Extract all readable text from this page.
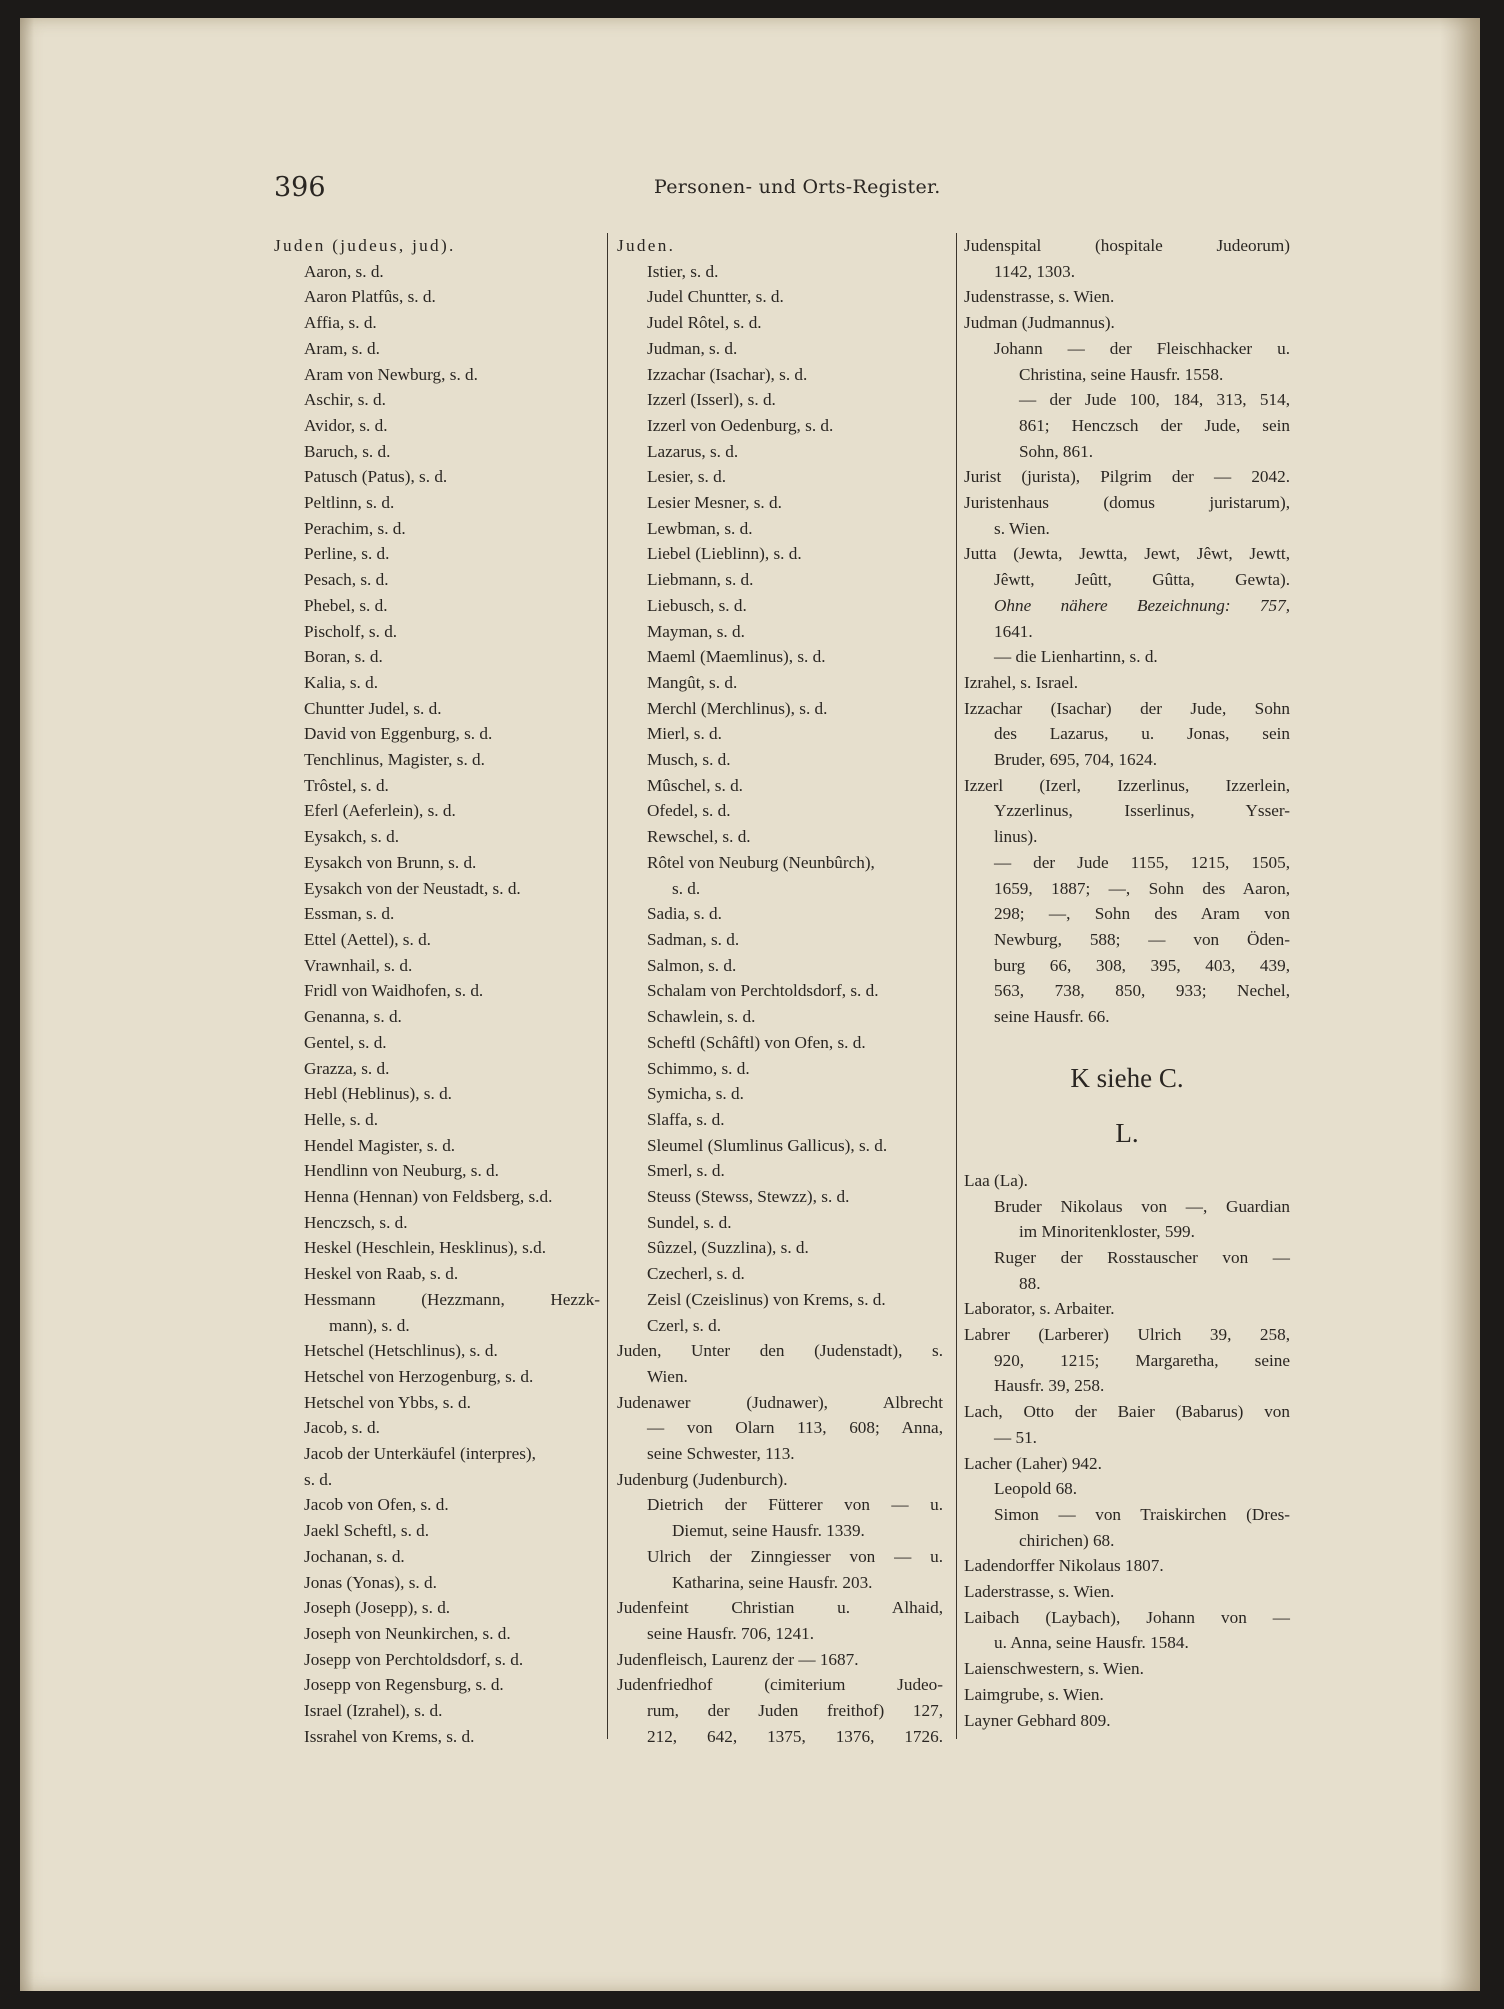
396	Personen- und Orts-Register.
Juden (judeus, jud).
Aaron, s. d.
Aaron Platfûs, s. d.
Affia, s. d.
Aram, s. d.
Aram von Newburg, s. d.
Aschir, s. d.
Avidor, s. d.
Baruch, s. d.
Patusch (Patus), s. d.
Peltlinn, s. d.
Perachim, s. d.
Perline, s. d.
Pesach, s. d.
Phebel, s. d.
Pischolf, s. d.
Boran, s. d.
Kalia, s. d.
Chuntter Judel, s. d.
David von Eggenburg, s. d.
Tenchlinus, Magister, s. d.
Trôstel, s. d.
Eferl (Aeferlein), s. d.
Eysakch, s. d.
Eysakch von Brunn, s. d.
Eysakch von der Neustadt, s. d.
Essman, s. d.
Ettel (Aettel), s. d.
Vrawnhail, s. d.
Fridl von Waidhofen, s. d.
Genanna, s. d.
Gentel, s. d.
Grazza, s. d.
Hebl (Heblinus), s. d.
Helle, s. d.
Hendel Magister, s. d.
Hendlinn von Neuburg, s. d.
Henna (Hennan) von Feldsberg, s.d.
Henczsch, s. d.
Heskel (Heschlein, Hesklinus), s.d.
Heskel von Raab, s. d.
Hessmann (Hezzmann, Hezzk-
mann), s. d.
Hetschel (Hetschlinus), s. d.
Hetschel von Herzogenburg, s. d.
Hetschel von Ybbs, s. d.
Jacob, s. d.
Jacob der Unterkäufel (interpres),
s. d.
Jacob von Ofen, s. d.
Jaekl Scheftl, s. d.
Jochanan, s. d.
Jonas (Yonas), s. d.
Joseph (Josepp), s. d.
Joseph von Neunkirchen, s. d.
Josepp von Perchtoldsdorf, s. d.
Josepp von Regensburg, s. d.
Israel (Izrahel), s. d.
Issrahel von Krems, s. d.
Juden.
Istier, s. d.
Judel Chuntter, s. d.
Judel Rôtel, s. d.
Judman, s. d.
Izzachar (Isachar), s. d.
Izzerl (Isserl), s. d.
Izzerl von Oedenburg, s. d.
Lazarus, s. d.
Lesier, s. d.
Lesier Mesner, s. d.
Lewbman, s. d.
Liebel (Lieblinn), s. d.
Liebmann, s. d.
Liebusch, s. d.
Mayman, s. d.
Maeml (Maemlinus), s. d.
Mangût, s. d.
Merchl (Merchlinus), s. d.
Mierl, s. d.
Musch, s. d.
Mûschel, s. d.
Ofedel, s. d.
Rewschel, s. d.
Rôtel von Neuburg (Neunbûrch),
s. d.
Sadia, s. d.
Sadman, s. d.
Salmon, s. d.
Schalam von Perchtoldsdorf, s. d.
Schawlein, s. d.
Scheftl (Schâftl) von Ofen, s. d.
Schimmo, s. d.
Symicha, s. d.
Slaffa, s. d.
Sleumel (Slumlinus Gallicus), s. d.
Smerl, s. d.
Steuss (Stewss, Stewzz), s. d.
Sundel, s. d.
Sûzzel, (Suzzlina), s. d.
Czecherl, s. d.
Zeisl (Czeislinus) von Krems, s. d.
Czerl, s. d.
Juden, Unter den (Judenstadt), s.
Wien.
Judenawer (Judnawer), Albrecht
— von Olarn 113, 608; Anna,
seine Schwester, 113.
Judenburg (Judenburch).
Dietrich der Fütterer von — u.
Diemut, seine Hausfr. 1339.
Ulrich der Zinngiesser von — u.
Katharina, seine Hausfr. 203.
Judenfeint Christian u. Alhaid,
seine Hausfr. 706, 1241.
Judenfleisch, Laurenz der — 1687.
Judenfriedhof (cimiterium Judeo-
rum, der Juden freithof) 127,
212, 642, 1375, 1376, 1726.
Judenspital (hospitale Judeorum)
1142, 1303.
Judenstrasse, s. Wien.
Judman (Judmannus).
Johann — der Fleischhacker u.
Christina, seine Hausfr. 1558.
— der Jude 100, 184, 313, 514,
861; Henczsch der Jude, sein
Sohn, 861.
Jurist (jurista), Pilgrim der — 2042.
Juristenhaus (domus juristarum),
s. Wien.
Jutta (Jewta, Jewtta, Jewt, Jêwt, Jewtt,
Jêwtt, Jeûtt, Gûtta, Gewta).
Ohne nähere Bezeichnung: 757,
1641.
— die Lienhartinn, s. d.
Izrahel, s. Israel.
Izzachar (Isachar) der Jude, Sohn
des Lazarus, u. Jonas, sein
Bruder, 695, 704, 1624.
Izzerl (Izerl, Izzerlinus, Izzerlein,
Yzzerlinus, Isserlinus, Ysser-
linus).
— der Jude 1155, 1215, 1505,
1659, 1887; —, Sohn des Aaron,
298; —, Sohn des Aram von
Newburg, 588; — von Öden-
burg 66, 308, 395, 403, 439,
563, 738, 850, 933; Nechel,
seine Hausfr. 66.
K siehe C.
L.
Laa (La).
Bruder Nikolaus von —, Guardian
im Minoritenkloster, 599.
Ruger der Rosstauscher von —
88.
Laborator, s. Arbaiter.
Labrer (Larberer) Ulrich 39, 258,
920, 1215; Margaretha, seine
Hausfr. 39, 258.
Lach, Otto der Baier (Babarus) von
— 51.
Lacher (Laher) 942.
Leopold 68.
Simon — von Traiskirchen (Dres-
chirichen) 68.
Ladendorffer Nikolaus 1807.
Laderstrasse, s. Wien.
Laibach (Laybach), Johann von —
u. Anna, seine Hausfr. 1584.
Laienschwestern, s. Wien.
Laimgrube, s. Wien.
Layner Gebhard 809.
